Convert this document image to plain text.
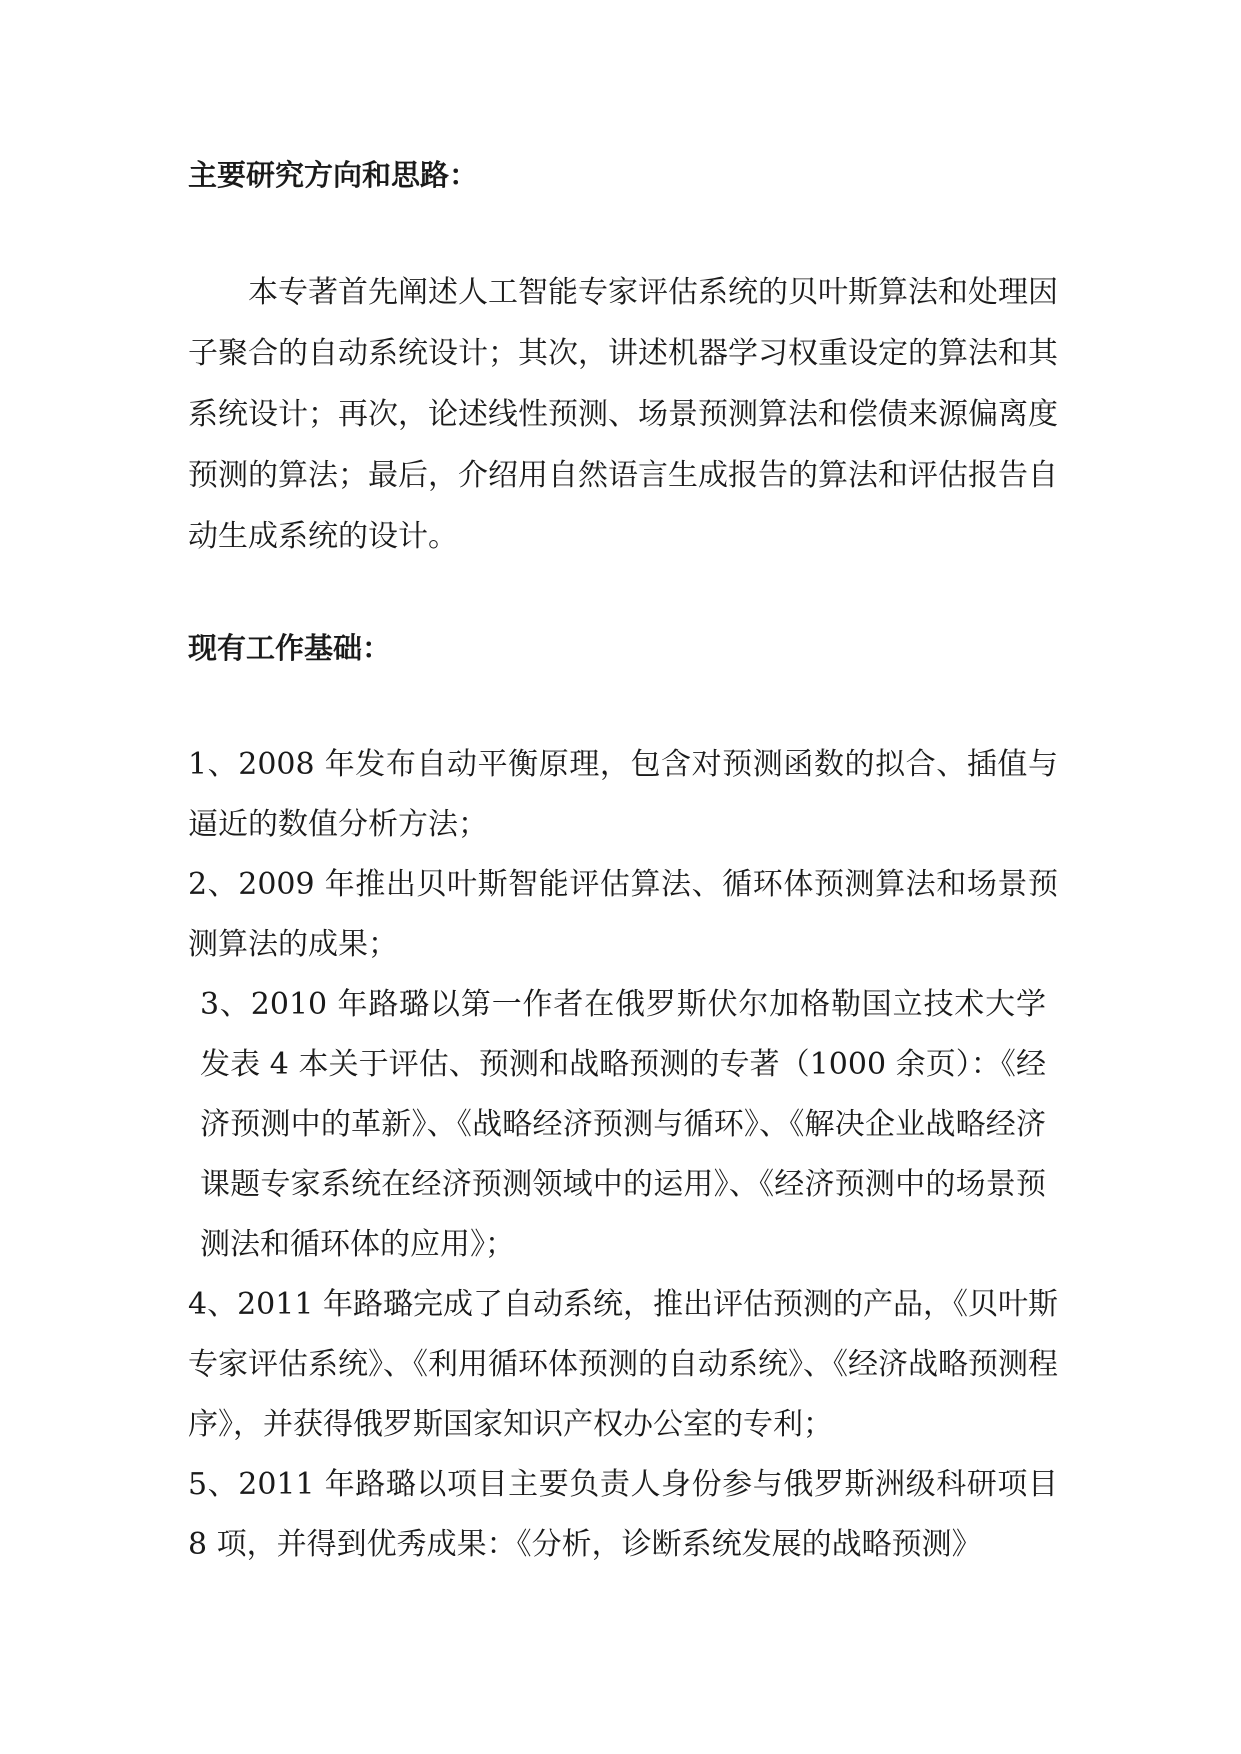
主要研究方向和思路：

本专著首先阐述人工智能专家评估系统的贝叶斯算法和处理因子聚合的自动系统设计；其次，讲述机器学习权重设定的算法和其系统设计；再次，论述线性预测、场景预测算法和偿债来源偏离度预测的算法；最后，介绍用自然语言生成报告的算法和评估报告自动生成系统的设计。

现有工作基础：
1、2008 年发布自动平衡原理，包含对预测函数的拟合、插值与逼近的数值分析方法；
2、2009 年推出贝叶斯智能评估算法、循环体预测算法和场景预测算法的成果；
3、2010 年路璐以第一作者在俄罗斯伏尔加格勒国立技术大学发表 4 本关于评估、预测和战略预测的专著（1000 余页）：《经济预测中的革新》、《战略经济预测与循环》、《解决企业战略经济课题专家系统在经济预测领域中的运用》、《经济预测中的场景预测法和循环体的应用》；
4、2011 年路璐完成了自动系统，推出评估预测的产品，《贝叶斯专家评估系统》、《利用循环体预测的自动系统》、《经济战略预测程序》，并获得俄罗斯国家知识产权办公室的专利；
5、2011 年路璐以项目主要负责人身份参与俄罗斯洲级科研项目 8 项，并得到优秀成果：《分析，诊断系统发展的战略预测》
